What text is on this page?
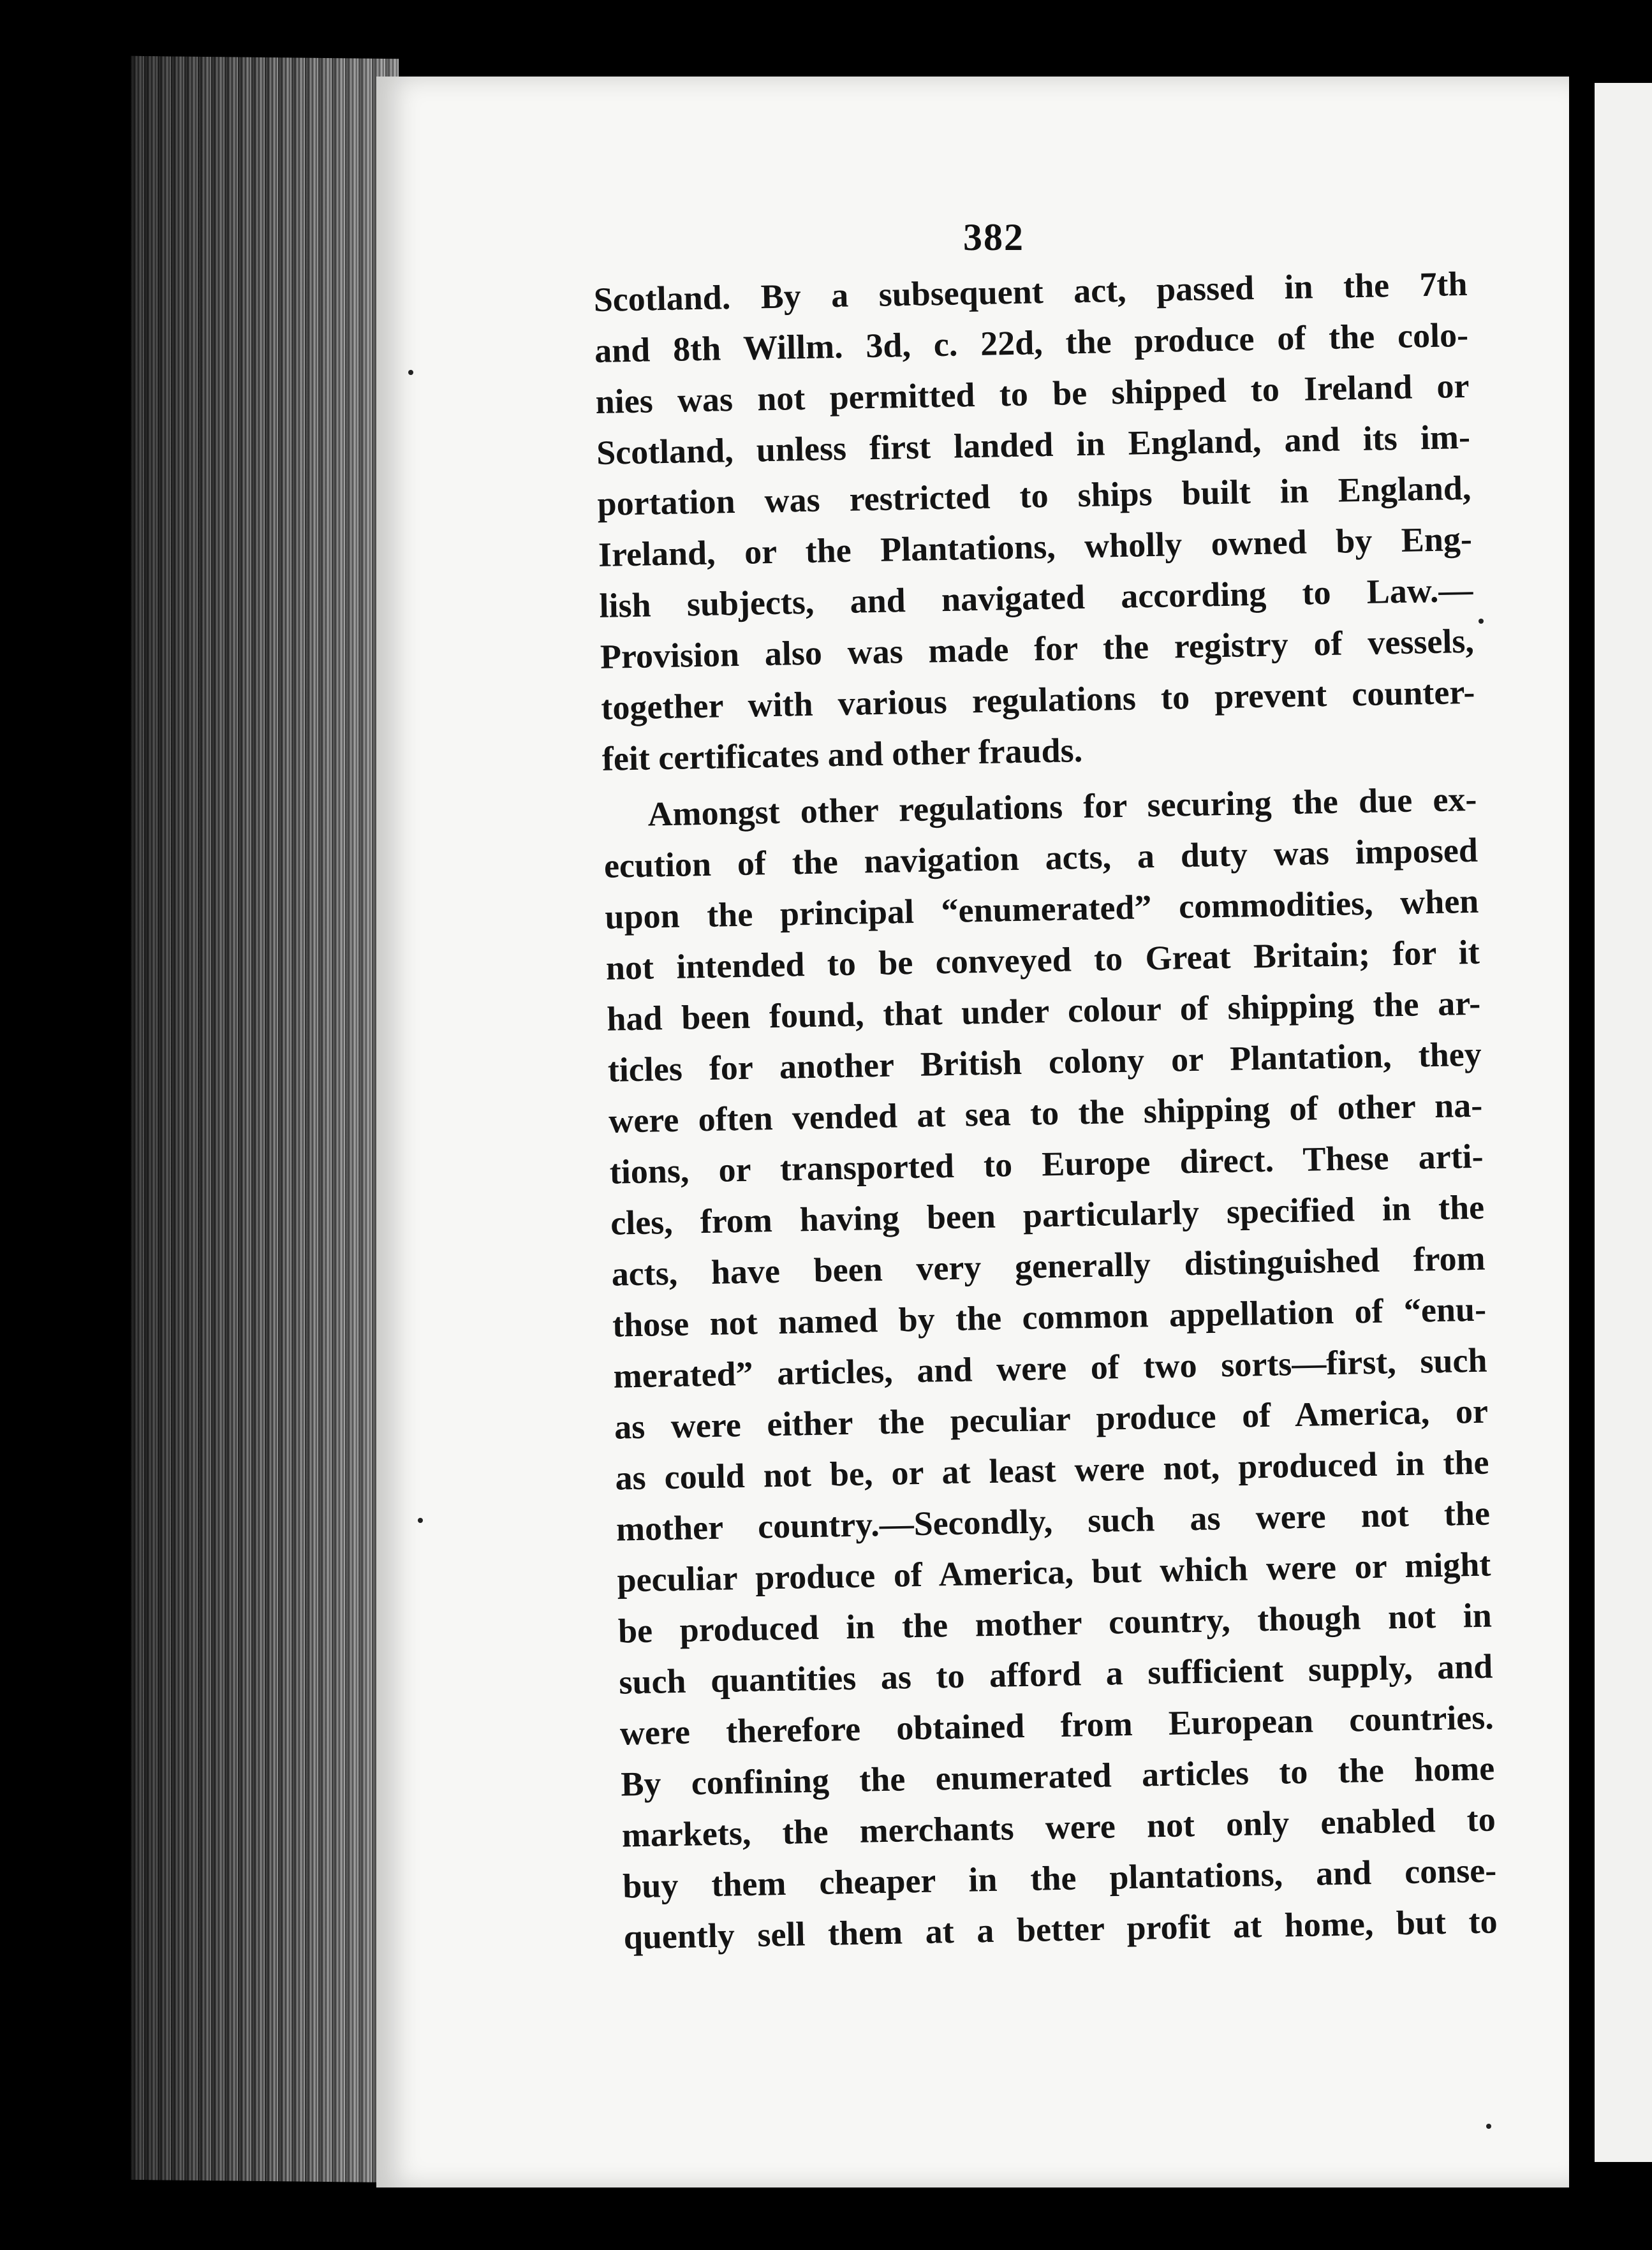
382
Scotland. By a subsequent act, passed in the 7th
and 8th Willm. 3d, c. 22d, the produce of the colo-
nies was not permitted to be shipped to Ireland or
Scotland, unless first landed in England, and its im-
portation was restricted to ships built in England,
Ireland, or the Plantations, wholly owned by Eng-
lish subjects, and navigated according to Law.—
Provision also was made for the registry of vessels,
together with various regulations to prevent counter-
feit certificates and other frauds.
Amongst other regulations for securing the due ex-
ecution of the navigation acts, a duty was imposed
upon the principal “enumerated” commodities, when
not intended to be conveyed to Great Britain; for it
had been found, that under colour of shipping the ar-
ticles for another British colony or Plantation, they
were often vended at sea to the shipping of other na-
tions, or transported to Europe direct. These arti-
cles, from having been particularly specified in the
acts, have been very generally distinguished from
those not named by the common appellation of “enu-
merated” articles, and were of two sorts—first, such
as were either the peculiar produce of America, or
as could not be, or at least were not, produced in the
mother country.—Secondly, such as were not the
peculiar produce of America, but which were or might
be produced in the mother country, though not in
such quantities as to afford a sufficient supply, and
were therefore obtained from European countries.
By confining the enumerated articles to the home
markets, the merchants were not only enabled to
buy them cheaper in the plantations, and conse-
quently sell them at a better profit at home, but to
